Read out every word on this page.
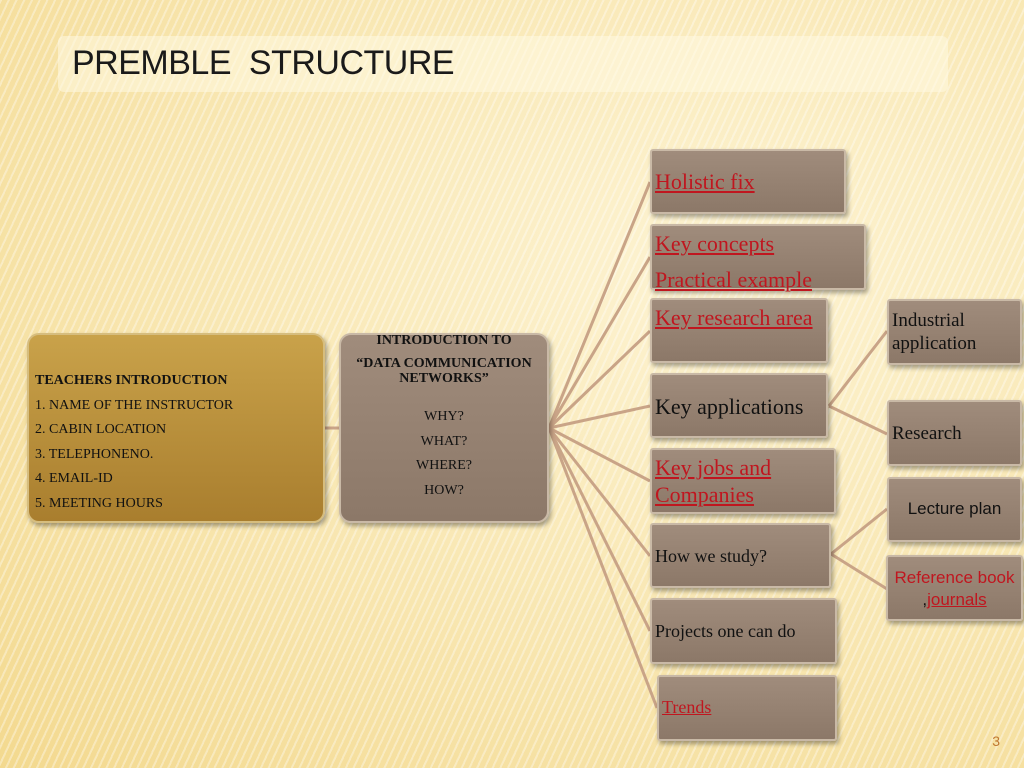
PREMBLE  STRUCTURE
TEACHERS INTRODUCTION
1. NAME OF THE INSTRUCTOR
2. CABIN LOCATION
3. TELEPHONENO.
4. EMAIL-ID
5. MEETING HOURS
INTRODUCTION TO
“DATA COMMUNICATION NETWORKS”
WHY?
WHAT?
WHERE?
HOW?
Holistic fix
Key concepts
Practical example
Key research area
Key applications
Key jobs and Companies
How we study?
Projects one can do
Trends
Industrial application
Research
Lecture plan
Reference book ,journals
3
